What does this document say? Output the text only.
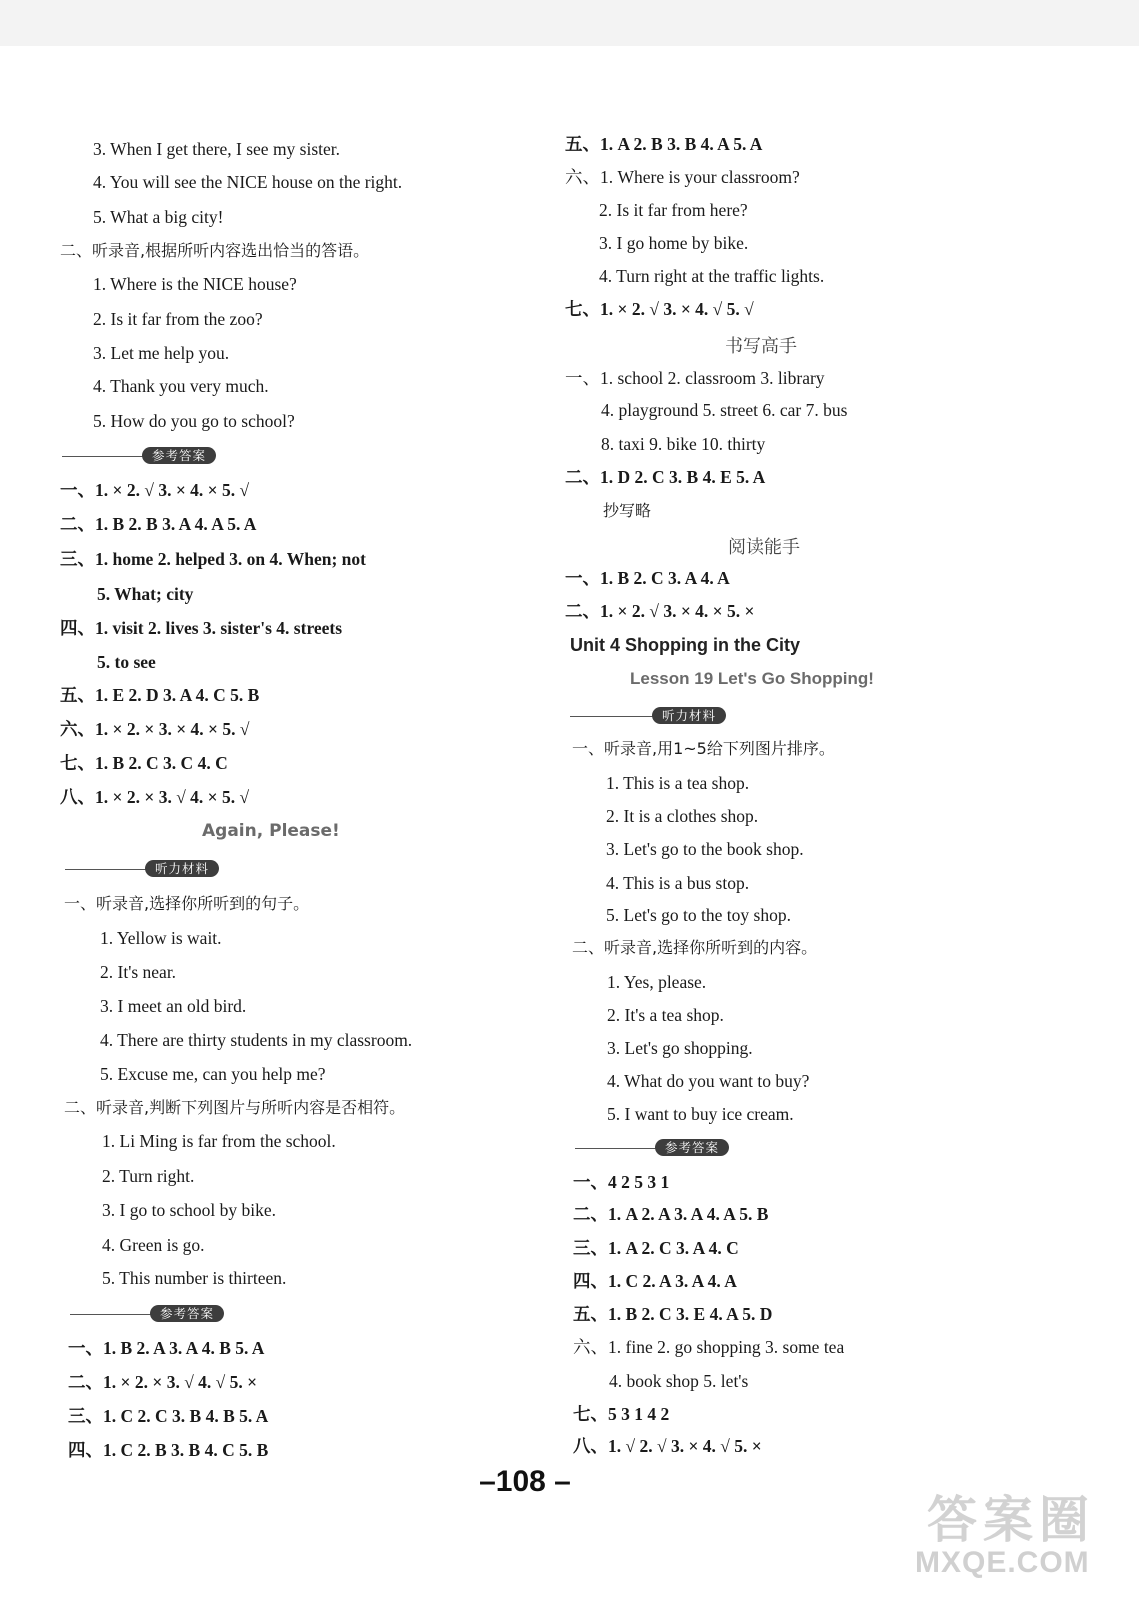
3. When I get there, I see my sister.
4. You will see the NICE house on the right.
5. What a big city!
二、听录音,根据所听内容选出恰当的答语。
1. Where is the NICE house?
2. Is it far from the zoo?
3. Let me help you.
4. Thank you very much.
5. How do you go to school?
参考答案
一、1. × 2. √ 3. × 4. × 5. √
二、1. B 2. B 3. A 4. A 5. A
三、1. home 2. helped 3. on 4. When; not
5. What; city
四、1. visit 2. lives 3. sister's 4. streets
5. to see
五、1. E 2. D 3. A 4. C 5. B
六、1. × 2. × 3. × 4. × 5. √
七、1. B 2. C 3. C 4. C
八、1. × 2. × 3. √ 4. × 5. √
Again, Please!
听力材料
一、听录音,选择你所听到的句子。
1. Yellow is wait.
2. It's near.
3. I meet an old bird.
4. There are thirty students in my classroom.
5. Excuse me, can you help me?
二、听录音,判断下列图片与所听内容是否相符。
1. Li Ming is far from the school.
2. Turn right.
3. I go to school by bike.
4. Green is go.
5. This number is thirteen.
参考答案
一、1. B 2. A 3. A 4. B 5. A
二、1. × 2. × 3. √ 4. √ 5. ×
三、1. C 2. C 3. B 4. B 5. A
四、1. C 2. B 3. B 4. C 5. B
五、1. A 2. B 3. B 4. A 5. A
六、1. Where is your classroom?
2. Is it far from here?
3. I go home by bike.
4. Turn right at the traffic lights.
七、1. × 2. √ 3. × 4. √ 5. √
书写高手
一、1. school 2. classroom 3. library
4. playground 5. street 6. car 7. bus
8. taxi 9. bike 10. thirty
二、1. D 2. C 3. B 4. E 5. A
抄写略
阅读能手
一、1. B 2. C 3. A 4. A
二、1. × 2. √ 3. × 4. × 5. ×
Unit 4 Shopping in the City
Lesson 19 Let's Go Shopping!
听力材料
一、听录音,用1~5给下列图片排序。
1. This is a tea shop.
2. It is a clothes shop.
3. Let's go to the book shop.
4. This is a bus stop.
5. Let's go to the toy shop.
二、听录音,选择你所听到的内容。
1. Yes, please.
2. It's a tea shop.
3. Let's go shopping.
4. What do you want to buy?
5. I want to buy ice cream.
参考答案
一、4 2 5 3 1
二、1. A 2. A 3. A 4. A 5. B
三、1. A 2. C 3. A 4. C
四、1. C 2. A 3. A 4. A
五、1. B 2. C 3. E 4. A 5. D
六、1. fine 2. go shopping 3. some tea
4. book shop 5. let's
七、5 3 1 4 2
八、1. √ 2. √ 3. × 4. √ 5. ×
–108 –
答案圈
MXQE.COM
